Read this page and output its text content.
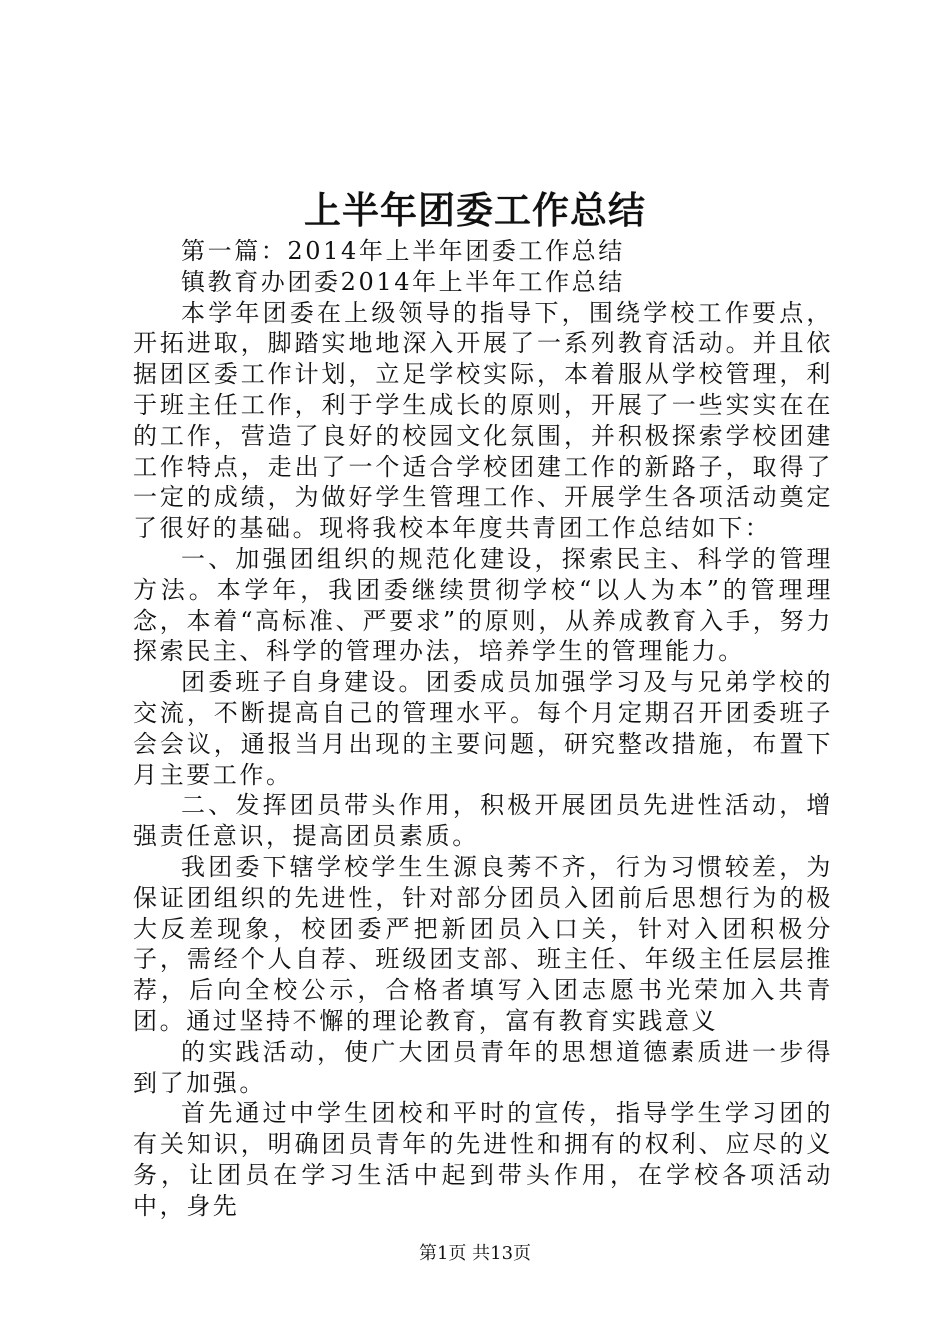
上半年团委工作总结

第一篇：2014年上半年团委工作总结

镇教育办团委2014年上半年工作总结

本学年团委在上级领导的指导下，围绕学校工作要点，开拓进取，脚踏实地地深入开展了一系列教育活动。并且依据团区委工作计划，立足学校实际，本着服从学校管理，利于班主任工作，利于学生成长的原则，开展了一些实实在在的工作，营造了良好的校园文化氛围，并积极探索学校团建工作特点，走出了一个适合学校团建工作的新路子，取得了一定的成绩，为做好学生管理工作、开展学生各项活动奠定了很好的基础。现将我校本年度共青团工作总结如下：

一、加强团组织的规范化建设，探索民主、科学的管理方法。本学年，我团委继续贯彻学校“以人为本”的管理理念，本着“高标准、严要求”的原则，从养成教育入手，努力探索民主、科学的管理办法，培养学生的管理能力。

团委班子自身建设。团委成员加强学习及与兄弟学校的交流，不断提高自己的管理水平。每个月定期召开团委班子会会议，通报当月出现的主要问题，研究整改措施，布置下月主要工作。

二、发挥团员带头作用，积极开展团员先进性活动，增强责任意识，提高团员素质。

我团委下辖学校学生生源良莠不齐，行为习惯较差，为保证团组织的先进性，针对部分团员入团前后思想行为的极大反差现象，校团委严把新团员入口关，针对入团积极分子，需经个人自荐、班级团支部、班主任、年级主任层层推荐，后向全校公示，合格者填写入团志愿书光荣加入共青团。通过坚持不懈的理论教育，富有教育实践意义

的实践活动，使广大团员青年的思想道德素质进一步得到了加强。

首先通过中学生团校和平时的宣传，指导学生学习团的有关知识，明确团员青年的先进性和拥有的权利、应尽的义务，让团员在学习生活中起到带头作用，在学校各项活动中，身先

第1页 共13页
